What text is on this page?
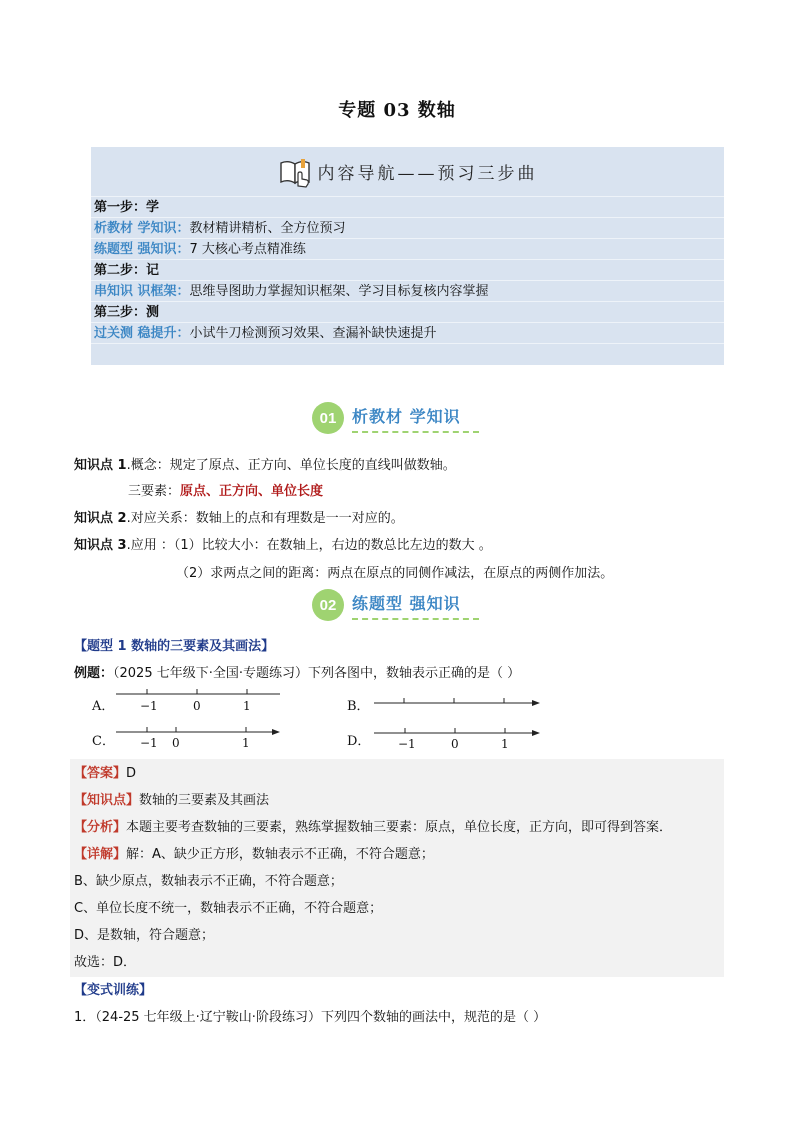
专题 03 数轴
内容导航——预习三步曲
第一步：学
析教材 学知识：教材精讲精析、全方位预习
练题型 强知识：7 大核心考点精准练
第二步：记
串知识 识框架：思维导图助力掌握知识框架、学习目标复核内容掌握
第三步：测
过关测 稳提升：小试牛刀检测预习效果、查漏补缺快速提升
01 析教材 学知识
知识点 1.概念：规定了原点、正方向、单位长度的直线叫做数轴。
三要素：原点、正方向、单位长度
知识点 2.对应关系：数轴上的点和有理数是一一对应的。
知识点 3.应用 ：（1）比较大小：在数轴上，右边的数总比左边的数大 。
（2）求两点之间的距离：两点在原点的同侧作减法，在原点的两侧作加法。
02 练题型 强知识
【题型 1 数轴的三要素及其画法】
例题：（2025 七年级下·全国·专题练习）下列各图中，数轴表示正确的是（ ）
A． −1	0	1	B．
C． −1 0	1	D． −1	0	1
【答案】D
【知识点】数轴的三要素及其画法
【分析】本题主要考查数轴的三要素，熟练掌握数轴三要素：原点，单位长度，正方向，即可得到答案．
【详解】解：A、缺少正方形，数轴表示不正确，不符合题意；
B、缺少原点，数轴表示不正确，不符合题意；
C、单位长度不统一，数轴表示不正确，不符合题意；
D、是数轴，符合题意；
故选：D．
【变式训练】
1．（24-25 七年级上·辽宁鞍山·阶段练习）下列四个数轴的画法中，规范的是（ ）
